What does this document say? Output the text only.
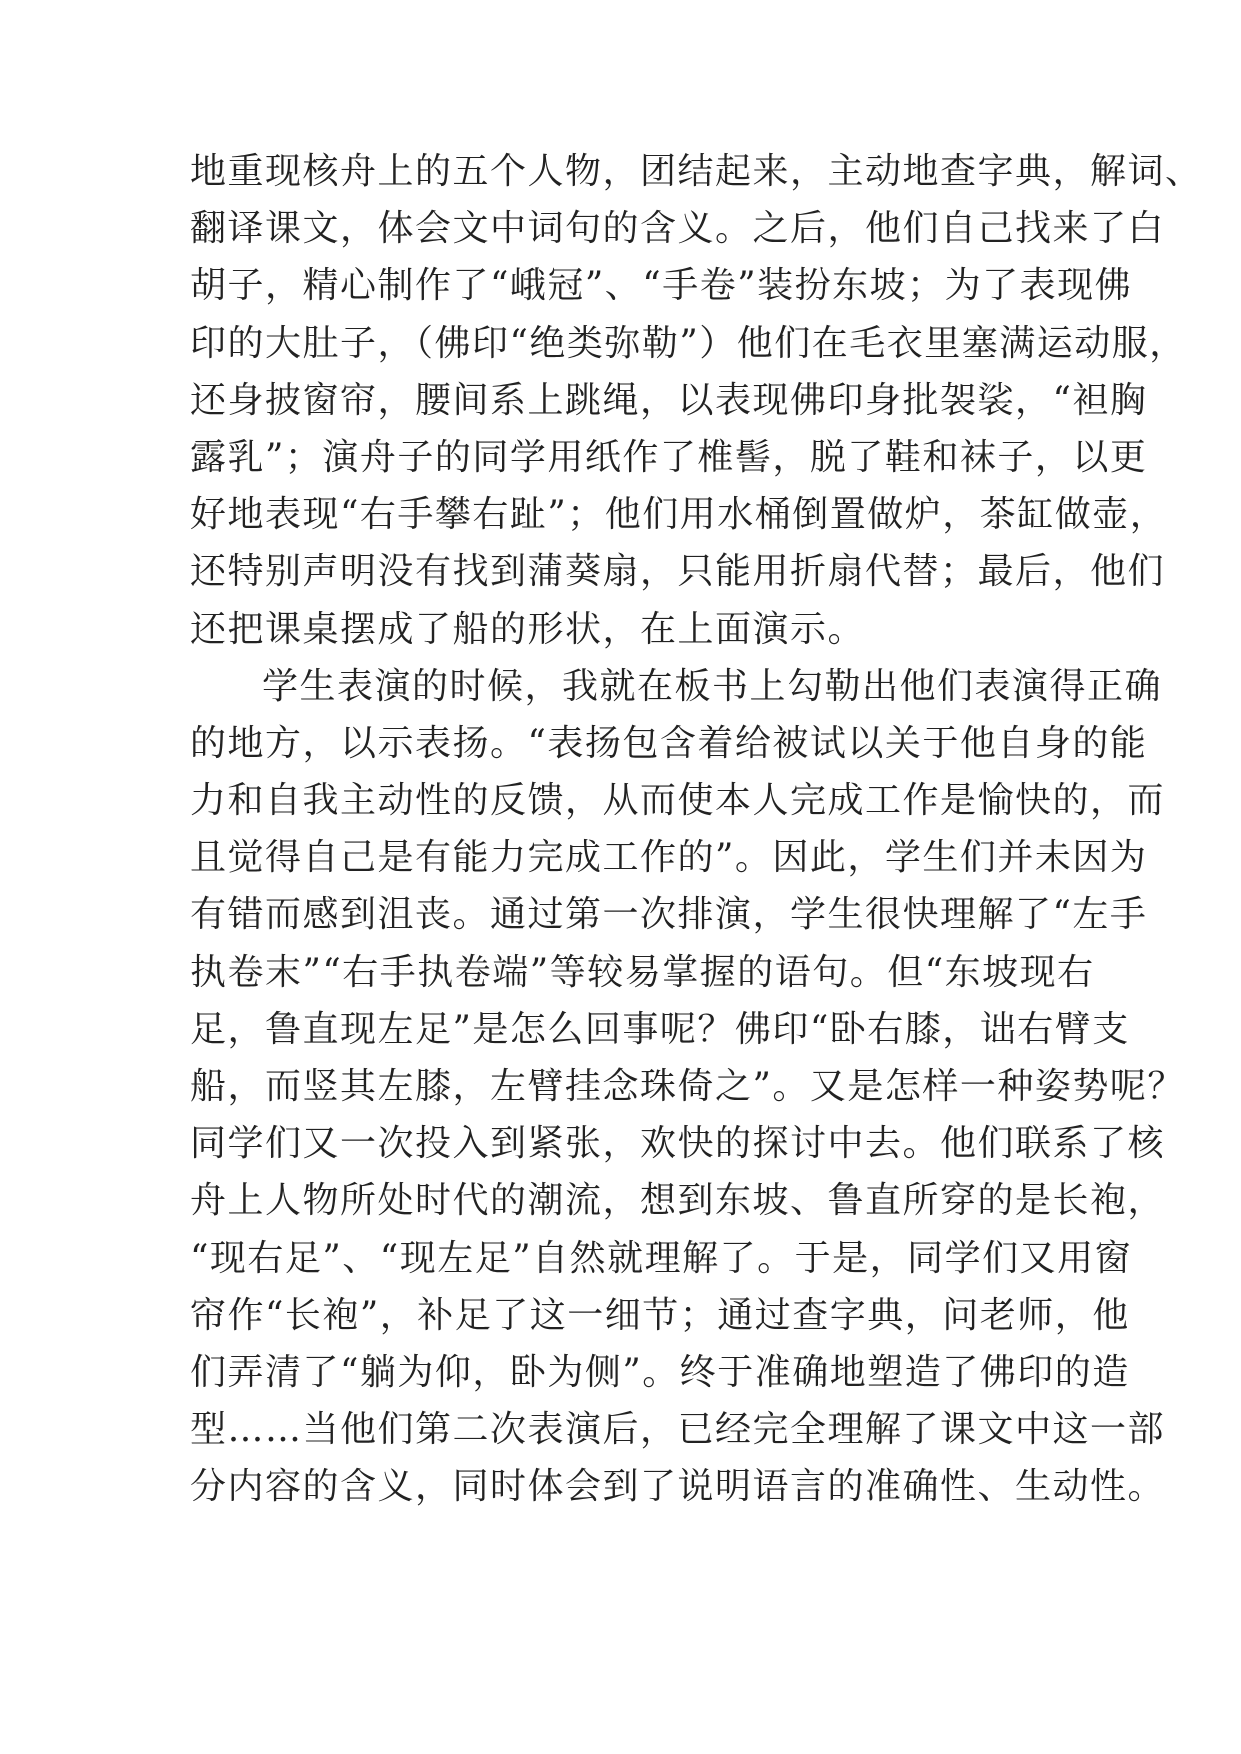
地重现核舟上的五个人物，团结起来，主动地查字典，解词、
翻译课文，体会文中词句的含义。之后，他们自己找来了白
胡子，精心制作了“峨冠”、“手卷”装扮东坡；为了表现佛
印的大肚子，（佛印“绝类弥勒”）他们在毛衣里塞满运动服，
还身披窗帘，腰间系上跳绳，以表现佛印身批袈裟，“袒胸
露乳”；演舟子的同学用纸作了椎髻，脱了鞋和袜子，以更
好地表现“右手攀右趾”；他们用水桶倒置做炉，茶缸做壶，
还特别声明没有找到蒲葵扇，只能用折扇代替；最后，他们
还把课桌摆成了船的形状，在上面演示。
学生表演的时候，我就在板书上勾勒出他们表演得正确
的地方，以示表扬。“表扬包含着给被试以关于他自身的能
力和自我主动性的反馈，从而使本人完成工作是愉快的，而
且觉得自己是有能力完成工作的”。因此，学生们并未因为
有错而感到沮丧。通过第一次排演，学生很快理解了“左手
执卷末”“右手执卷端”等较易掌握的语句。但“东坡现右
足，鲁直现左足”是怎么回事呢？佛印“卧右膝，诎右臂支
船，而竖其左膝，左臂挂念珠倚之”。又是怎样一种姿势呢？
同学们又一次投入到紧张，欢快的探讨中去。他们联系了核
舟上人物所处时代的潮流，想到东坡、鲁直所穿的是长袍，
“现右足”、“现左足”自然就理解了。于是，同学们又用窗
帘作“长袍”，补足了这一细节；通过查字典，问老师，他
们弄清了“躺为仰，卧为侧”。终于准确地塑造了佛印的造
型……当他们第二次表演后，已经完全理解了课文中这一部
分内容的含义，同时体会到了说明语言的准确性、生动性。
